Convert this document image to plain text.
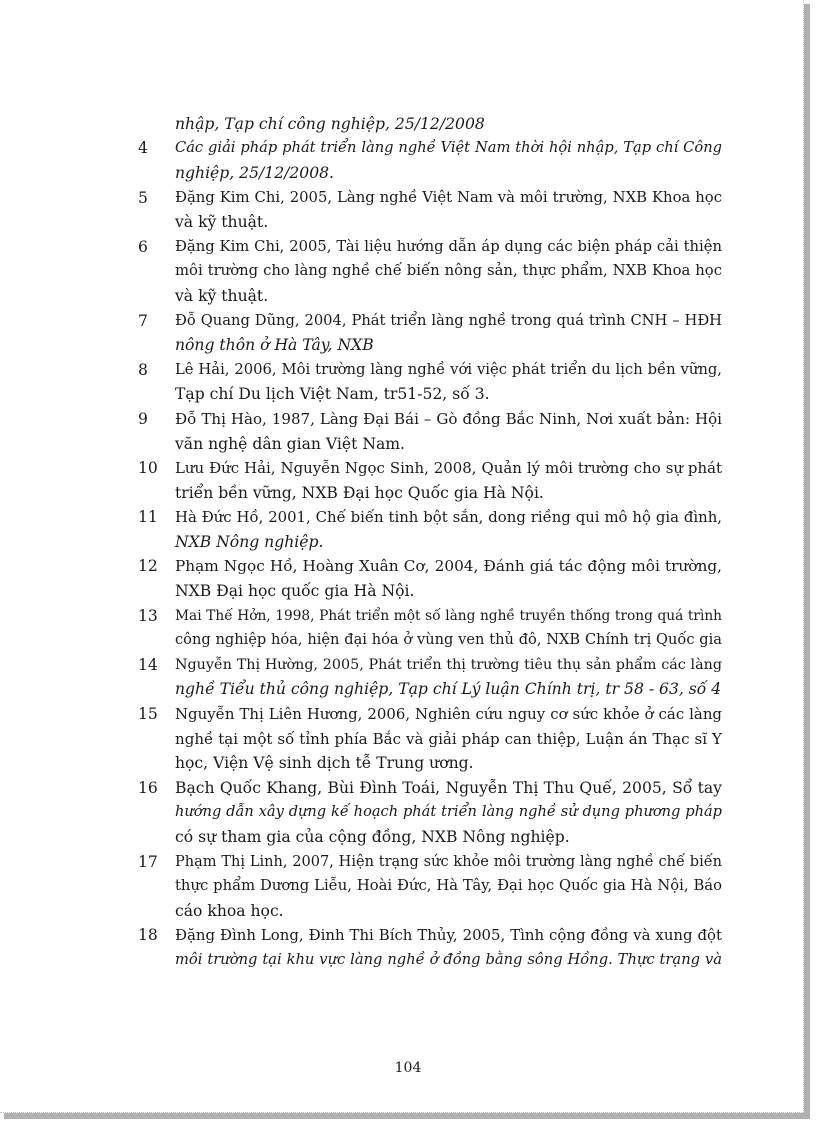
nhập, Tạp chí công nghiệp, 25/12/2008
4 Các giải pháp phát triển làng nghề Việt Nam thời hội nhập, Tạp chí Công
nghiệp, 25/12/2008.
5 Đặng Kim Chi, 2005, Làng nghề Việt Nam và môi trường, NXB Khoa học
và kỹ thuật.
6 Đặng Kim Chi, 2005, Tài liệu hướng dẫn áp dụng các biện pháp cải thiện
môi trường cho làng nghề chế biến nông sản, thực phẩm, NXB Khoa học
và kỹ thuật.
7 Đỗ Quang Dũng, 2004, Phát triển làng nghề trong quá trình CNH – HĐH
nông thôn ở Hà Tây, NXB
8 Lê Hải, 2006, Môi trường làng nghề với việc phát triển du lịch bền vững,
Tạp chí Du lịch Việt Nam, tr51-52, số 3.
9 Đỗ Thị Hào, 1987, Làng Đại Bái – Gò đồng Bắc Ninh, Nơi xuất bản: Hội
văn nghệ dân gian Việt Nam.
10 Lưu Đức Hải, Nguyễn Ngọc Sinh, 2008, Quản lý môi trường cho sự phát
triển bền vững, NXB Đại học Quốc gia Hà Nội.
11 Hà Đức Hồ, 2001, Chế biến tinh bột sắn, dong riềng qui mô hộ gia đình,
NXB Nông nghiệp.
12 Phạm Ngọc Hồ, Hoàng Xuân Cơ, 2004, Đánh giá tác động môi trường,
NXB Đại học quốc gia Hà Nội.
13 Mai Thế Hởn, 1998, Phát triển một số làng nghề truyền thống trong quá trình
công nghiệp hóa, hiện đại hóa ở vùng ven thủ đô, NXB Chính trị Quốc gia
14 Nguyễn Thị Hường, 2005, Phát triển thị trường tiêu thụ sản phẩm các làng
nghề Tiểu thủ công nghiệp, Tạp chí Lý luận Chính trị, tr 58 - 63, số 4
15 Nguyễn Thị Liên Hương, 2006, Nghiên cứu nguy cơ sức khỏe ở các làng
nghề tại một số tỉnh phía Bắc và giải pháp can thiệp, Luận án Thạc sĩ Y
học, Viện Vệ sinh dịch tễ Trung ương.
16 Bạch Quốc Khang, Bùi Đình Toái, Nguyễn Thị Thu Quế, 2005, Sổ tay
hướng dẫn xây dựng kế hoạch phát triển làng nghề sử dụng phương pháp
có sự tham gia của cộng đồng, NXB Nông nghiệp.
17 Phạm Thị Linh, 2007, Hiện trạng sức khỏe môi trường làng nghề chế biến
thực phẩm Dương Liễu, Hoài Đức, Hà Tây, Đại học Quốc gia Hà Nội, Báo
cáo khoa học.
18 Đặng Đình Long, Đinh Thi Bích Thủy, 2005, Tình cộng đồng và xung đột
môi trường tại khu vực làng nghề ở đồng bằng sông Hồng. Thực trạng và
104
